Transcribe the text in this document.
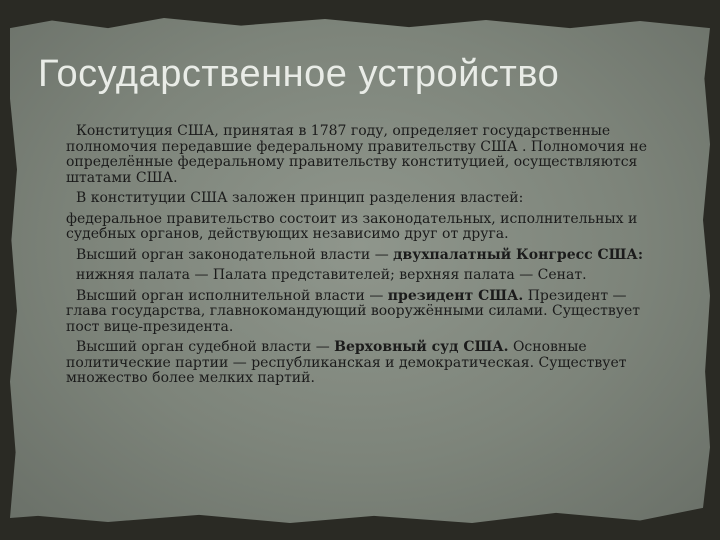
Государственное устройство

Конституция США, принятая в 1787 году, определяет государственные полномочия передавшие федеральному правительству США . Полномочия не определённые федеральному правительству конституцией, осуществляются штатами США.

В конституции США заложен принцип разделения властей:

федеральное правительство состоит из законодательных, исполнительных и судебных органов, действующих независимо друг от друга.

Высший орган законодательной власти — двухпалатный Конгресс США:

нижняя палата — Палата представителей; верхняя палата — Сенат.

Высший орган исполнительной власти — президент США. Президент — глава государства, главнокомандующий вооружёнными силами. Существует пост вице-президента.

Высший орган судебной власти — Верховный суд США. Основные политические партии — республиканская и демократическая. Существует множество более мелких партий.
